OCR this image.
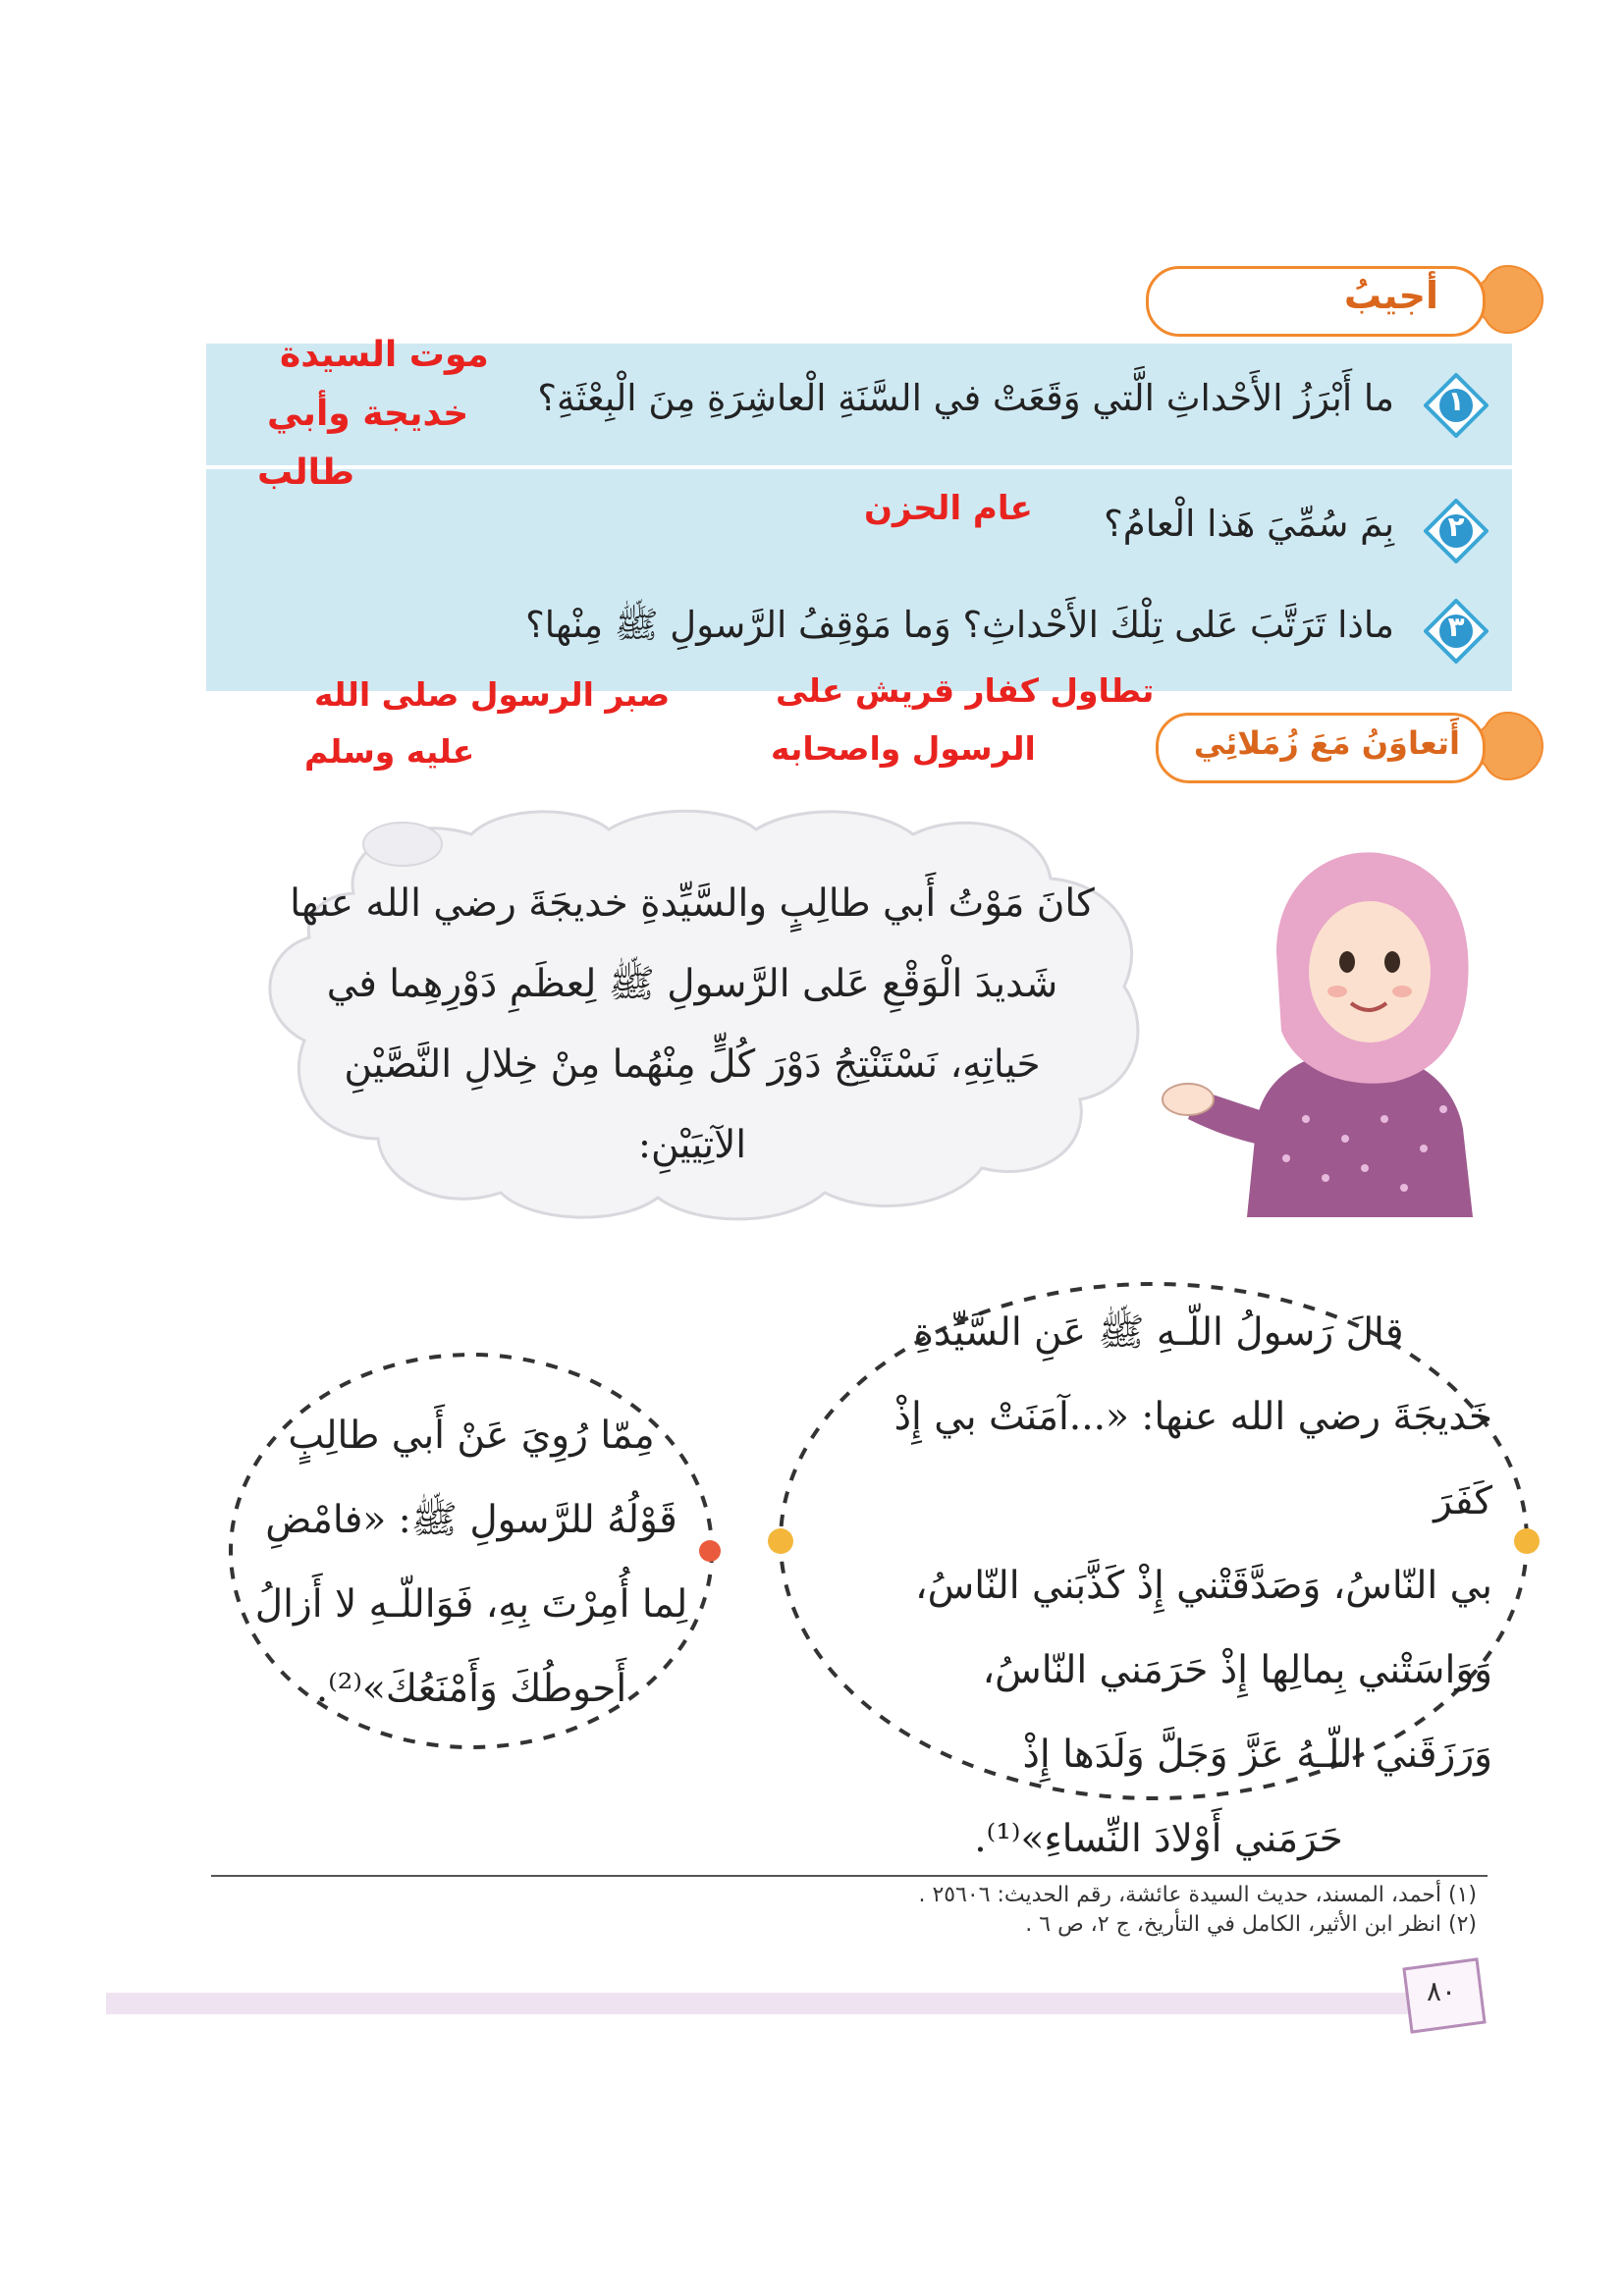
أجيبُ
١
ما أَبْرَزُ الأَحْداثِ الَّتي وَقَعَتْ في السَّنَةِ الْعاشِرَةِ مِنَ الْبِعْثَةِ؟
٢
بِمَ سُمِّيَ هَذا الْعامُ؟
٣
ماذا تَرَتَّبَ عَلى تِلْكَ الأَحْداثِ؟ وَما مَوْقِفُ الرَّسولِ ﷺ مِنْها؟
موت السيدة
خديجة وأبي
طالب
عام الحزن
تطاول كفار قريش على
الرسول واصحابه
صبر الرسول صلى الله
عليه وسلم	أَتعاوَنُ مَعَ زُمَلائِي
كانَ مَوْتُ أَبي طالِبٍ والسَّيِّدةِ خديجَةَ رضي الله عنها
شَديدَ الْوَقْعِ عَلى الرَّسولِ ﷺ لِعظَمِ دَوْرِهِما في
حَياتِهِ، نَسْتَنْتِجُ دَوْرَ كُلٍّ مِنْهُما مِنْ خِلالِ النَّصَّيْنِ
الآتِيَيْنِ:
قالَ رَسولُ اللّـهِ ﷺ عَنِ السَّيِّدةِ
خَديجَةَ رضي الله عنها: «...آمَنَتْ بي إِذْ كَفَرَ
بي النّاسُ، وَصَدَّقَتْني إِذْ كَذَّبَني النّاسُ،
وَوَاسَتْني بِمالِها إِذْ حَرَمَني النّاسُ،
وَرَزَقَني اللّـهُ عَزَّ وَجَلَّ وَلَدَها إِذْ
حَرَمَني أَوْلادَ النِّساءِ»⁽¹⁾.
مِمّا رُوِيَ عَنْ أَبي طالِبٍ
قَوْلُهُ للرَّسولِ ﷺ: «فامْضِ
لِما أُمِرْتَ بِهِ، فَوَاللّـهِ لا أَزالُ
أَحوطُكَ وَأَمْنَعُكَ»⁽²⁾.
(١) أحمد، المسند، حديث السيدة عائشة، رقم الحديث: ٢٥٦٠٦ .
(٢) انظر ابن الأثير، الكامل في التأريخ، ج ٢، ص ٦ .
٨٠
